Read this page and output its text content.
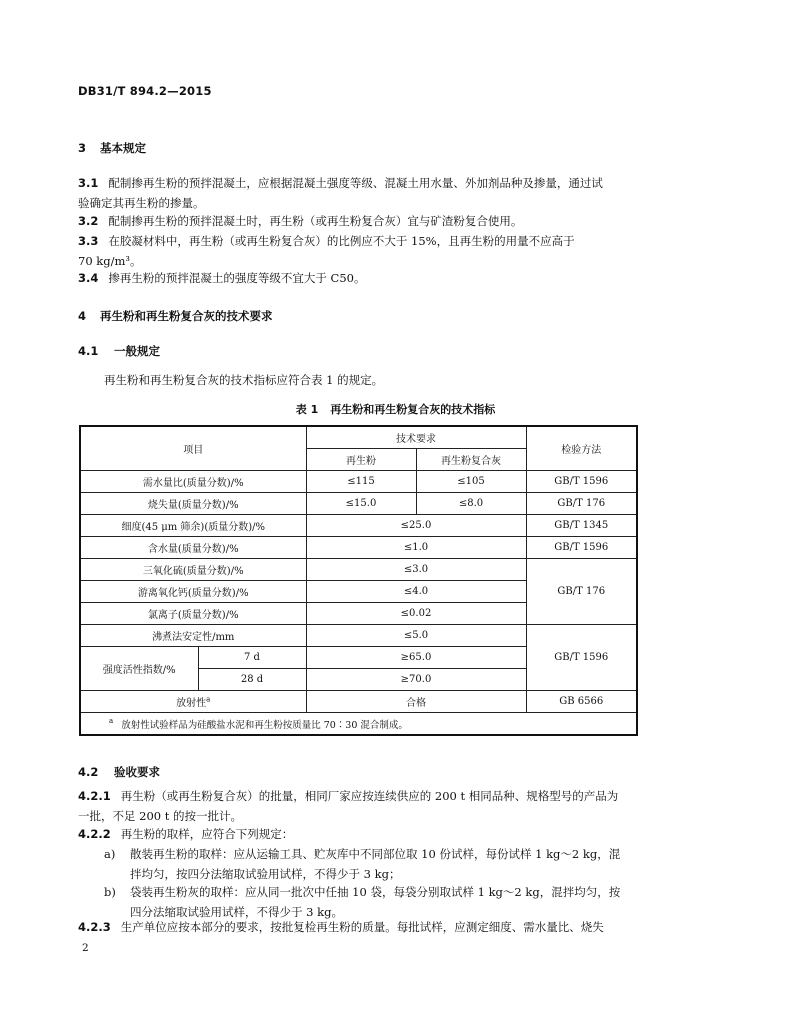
DB31/T 894.2—2015
3 基本规定
3.1 配制掺再生粉的预拌混凝土，应根据混凝土强度等级、混凝土用水量、外加剂品种及掺量，通过试
验确定其再生粉的掺量。
3.2 配制掺再生粉的预拌混凝土时，再生粉（或再生粉复合灰）宜与矿渣粉复合使用。
3.3 在胶凝材料中，再生粉（或再生粉复合灰）的比例应不大于 15%，且再生粉的用量不应高于
70 kg/m³。
3.4 掺再生粉的预拌混凝土的强度等级不宜大于 C50。
4 再生粉和再生粉复合灰的技术要求
4.1 一般规定
再生粉和再生粉复合灰的技术指标应符合表 1 的规定。
表 1 再生粉和再生粉复合灰的技术指标
项目		技术要求		检验方法
		再生粉	再生粉复合灰	
需水量比(质量分数)/%		≤115	≤105	GB/T 1596
烧失量(质量分数)/%		≤15.0	≤8.0	GB/T 176
细度(45 μm 筛余)(质量分数)/%		≤25.0		GB/T 1345
含水量(质量分数)/%		≤1.0		GB/T 1596
三氧化硫(质量分数)/%		≤3.0		GB/T 176
游离氧化钙(质量分数)/%		≤4.0		
氯离子(质量分数)/%		≤0.02		
沸煮法安定性/mm		≤5.0		GB/T 1596
强度活性指数/%	7 d	≥65.0		
	28 d	≥70.0		
放射性$^a$		合格		GB 6566
$^a$ 放射性试验样品为硅酸盐水泥和再生粉按质量比 70∶30 混合制成。				
4.2 验收要求
4.2.1 再生粉（或再生粉复合灰）的批量，相同厂家应按连续供应的 200 t 相同品种、规格型号的产品为
一批，不足 200 t 的按一批计。
4.2.2 再生粉的取样，应符合下列规定：
a) 散装再生粉的取样：应从运输工具、贮灰库中不同部位取 10 份试样，每份试样 1 kg～2 kg，混
拌均匀，按四分法缩取试验用试样，不得少于 3 kg；
b) 袋装再生粉灰的取样：应从同一批次中任抽 10 袋，每袋分别取试样 1 kg～2 kg，混拌均匀，按
四分法缩取试验用试样，不得少于 3 kg。
4.2.3 生产单位应按本部分的要求，按批复检再生粉的质量。每批试样，应测定细度、需水量比、烧失
2
